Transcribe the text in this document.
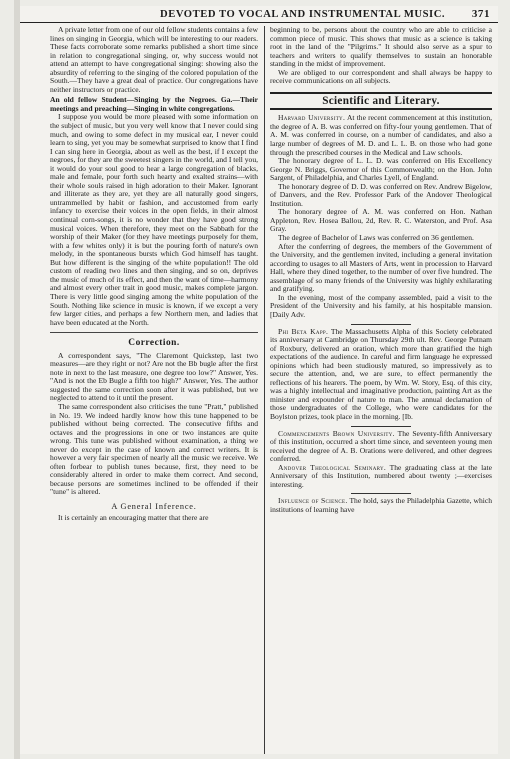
DEVOTED TO VOCAL AND INSTRUMENTAL MUSIC. 371

A private letter from one of our old fellow students contains a few lines on singing in Georgia, which will be interesting to our readers. These facts corroborate some remarks published a short time since in relation to congregational singing, or, why success would not attend an attempt to have congregational singing: showing also the absurdity of referring to the singing of the colored population of the South.—They have a great deal of practice. Our congregations have neither instructors or practice.

An old fellow Student—Singing by the Negroes. Ga.—Their meetings and preaching—Singing in white congregations.

I suppose you would be more pleased with some information on the subject of music, but you very well know that I never could sing much, and owing to some defect in my musical ear, I never could learn to sing, yet you may be somewhat surprised to know that I find I can sing here in Georgia, about as well as the best, if I except the negroes, for they are the sweetest singers in the world, and I tell you, it would do your soul good to hear a large congregation of blacks, male and female, pour forth such hearty and exalted strains—with their whole souls raised in high adoration to their Maker. Ignorant and illiterate as they are, yet they are all naturally good singers, untrammelled by habit or fashion, and accustomed from early infancy to exercise their voices in the open fields, in their almost continual corn-songs, it is no wonder that they have good strong musical voices. When therefore, they meet on the Sabbath for the worship of their Maker (for they have meetings purposely for them, with a few whites only) it is but the pouring forth of nature's own melody, in the spontaneous bursts which God himself has taught. But how different is the singing of the white population!! The old custom of reading two lines and then singing, and so on, deprives the music of much of its effect, and then the want of time—harmony and almost every other trait in good music, makes complete jargon. There is very little good singing among the white population of the South. Nothing like science in music is known, if we except a very few larger cities, and perhaps a few Northern men, and ladies that have been educated at the North.

Correction.

A correspondent says, "The Claremont Quickstep, last two measures—are they right or not? Are not the Bb bugle after the first note in next to the last measure, one degree too low?" Answer, Yes. "And is not the Eb Bugle a fifth too high?" Answer, Yes. The author suggested the same correction soon after it was published, but we neglected to attend to it until the present.

The same correspondent also criticises the tune "Pratt," published in No. 19. We indeed hardly know how this tune happened to be published without being corrected. The consecutive fifths and octaves and the progressions in one or two instances are quite wrong. This tune was published without examination, a thing we never do except in the case of known and correct writers. It is however a very fair specimen of nearly all the music we receive. We often forbear to publish tunes because, first, they need to be considerably altered in order to make them correct. And second, because persons are sometimes inclined to be offended if their "tune" is altered.

A General Inference.

It is certainly an encouraging matter that there are

beginning to be, persons about the country who are able to criticise a common piece of music. This shows that music as a science is taking root in the land of the "Pilgrims." It should also serve as a spur to teachers and writers to qualify themselves to sustain an honorable standing in the midst of improvement.

We are obliged to our correspondent and shall always be happy to receive communications on all subjects.

Scientific and Literary.

Harvard University. At the recent commencement at this institution, the degree of A. B. was conferred on fifty-four young gentlemen. That of A. M. was conferred in course, on a number of candidates, and also a large number of degrees of M. D. and L. L. B. on those who had gone through the prescribed courses in the Medical and Law schools.

The honorary degree of L. L. D. was conferred on His Excellency George N. Briggs, Governor of this Commonwealth; on the Hon. John Sargent, of Philadelphia, and Charles Lyell, of England.

The honorary degree of D. D. was conferred on Rev. Andrew Bigelow, of Danvers, and the Rev. Professor Park of the Andover Theological Institution.

The honorary degree of A. M. was conferred on Hon. Nathan Appleton, Rev. Hosea Ballou, 2d, Rev. R. C. Waterston, and Prof. Asa Gray.

The degree of Bachelor of Laws was conferred on 36 gentlemen.

After the conferring of degrees, the members of the Government of the University, and the gentlemen invited, including a general invitation according to usages to all Masters of Arts, went in procession to Harvard Hall, where they dined together, to the number of over five hundred. The assemblage of so many friends of the University was highly exhilarating and gratifying.

In the evening, most of the company assembled, paid a visit to the President of the University and his family, at his hospitable mansion. [Daily Adv.

Phi Beta Kapp. The Massachusetts Alpha of this Society celebrated its anniversary at Cambridge on Thursday 29th ult. Rev. George Putnam of Roxbury, delivered an oration, which more than gratified the high expectations of the audience. In careful and firm language he expressed opinions which had been studiously matured, so impressively as to secure the attention, and, we are sure, to effect permanently the reflections of his hearers. The poem, by Wm. W. Story, Esq. of this city, was a highly intellectual and imaginative production, painting Art as the minister and expounder of nature to man. The annual declamation of those undergraduates of the College, who were candidates for the Boylston prizes, took place in the morning. [Ib.

Commencements Brown University. The Seventy-fifth Anniversary of this institution, occurred a short time since, and seventeen young men received the degree of A. B. Orations were delivered, and other degrees conferred.

Andover Theological Seminary. The graduating class at the late Anniversary of this Institution, numbered about twenty ;—exercises interesting.

Influence of Science. The hold, says the Philadelphia Gazette, which institutions of learning have
